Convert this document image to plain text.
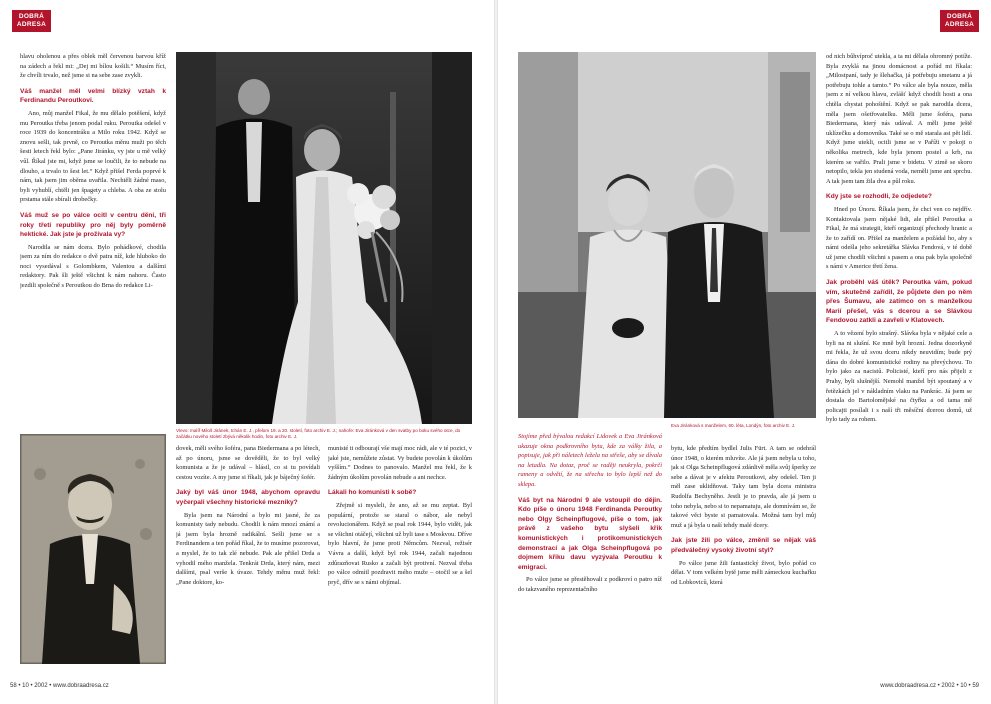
DOBRÁ
ADRESA
DOBRÁ
ADRESA

hlavu oholenou a přes oblek měl červenou barvou kříž na zádech a řekl mi: „Dej mi bílou košili.“ Musím říct, že chvíli trvalo, než jsme si na sebe zase zvykli.

Váš manžel měl velmi blízký vztah k Ferdinandu Peroutkovi.

Ano, můj manžel Fikal, že mu dělalo potěšení, když mu Peroutka třeba jenom podal ruku. Peroutka odešel v roce 1939 do koncentráku a Milo roku 1942. Když se znovu sešli, tak prvně, co Peroutka měnu muži po těch šesti letech řekl bylo: „Pane Jiránku, vy jste u mě velký vůl. Říkal jste mi, když jsme se loučili, že to nebude na dlouho, a trvalo to šest let.“ Když přišel Ferda poprvé k nám, tak jsem jim oběma uvařila. Nechtěli žádné maso, byli vyhublí, chtěli jen špagety a chleba. A oba ze stolu prstama stále sbírali drobečky.

Váš muž se po válce ocitl v centru dění, tři roky třetí republiky pro něj byly poměrně hektické. Jak jste je prožívala vy?

Narodila se nám dcera. Bylo pohádkové, chodila jsem za ním do redakce o dvě patra níž, kde hluboko do noci vysedával s Golombkem, Valentou a dalšími redaktory. Pak šli ještě všichni k nám nahoru. Často jezdili společně s Peroutkou do Brna do redakce Li-

Vlevo: malíř Miloš Jiránek, tchán E. J., přelom 19. a 20. století, foto archiv E. J.; nahoře: Eva Jiránková v den svatby po boku svého otce, do začátku nového století zbývá několik hodin, foto archiv E. J.

dovek, měli svého šoféra, pana Biedermana a po létech, až po únoru, jsme se dověděli, že to byl velký komunista a že je udával – hlásil, co si tu povídali cestou vozíte. A my jsme si říkali, jak je báječný šofér.

Jaký byl váš únor 1948, abychom opravdu vyčerpali všechny historické mezníky?

Byla jsem na Národní a bylo mi jasné, že za komunisty tady nebudu. Chodili k nám mnozí známí a já jsem byla hrozně radikální. Sešli jsme se s Ferdinandem a ten pořád říkal, že to musíme pozorovat, a myslel, že to tak zlé nebude. Pak ale přišel Drda a vyhodil mého manžela. Tenkrát Drda, který nám, mezi dalšími, psal verše k úvaze. Tehdy měnu muž řekl: „Pane doktore, ko-

munisté ti odbourají vše mají moc rádi, ale v té pozici, v jaké jste, nemůžete zůstat. Vy budete povolán k úkolům vyšším.“ Dodnes to panovalo. Manžel mu řekl, že k žádným úkolům povolán nebude a ani nechce.

Lákali ho komunisti k sobě?

Zřejmě si mysleli, že ano, až se mu zeptat. Byl populární, protože se staral o nábor, ale nebyl revolucionářem. Když se psal rok 1944, bylo vidět, jak se všichni otáčejí, všichni už byli tase s Moskvou. Dříve bylo hlavní, že jsme proti Němcům. Nezval, režisér Vávra a další, když byl rok 1944, začali najednou zdůrazňovat Rusko a začali být protivní. Nezval třeba po válce odmítl pozdravit mého muže – otočil se a šel pryč, dřív se s námi objímal.

58 • 10 • 2002 • www.dobraadresa.cz
Eva Jiránková s manželem, 60. léta, Londýn, foto archiv E. J.

Stojíme před bývalou redakcí Lidovek a Eva Jiránková ukazuje okna podkrovního bytu, kde za války žila, a popisuje, jak při náletech ležela na střeše, aby se dívala na letadla. Na dotaz, proč se raději neukryla, pokrčí rameny a odvětí, že na střechu to bylo lepší než do sklepa.

Váš byt na Národní 9 ale vstoupil do dějin. Kdo píše o únoru 1948 Ferdinanda Peroutky nebo Olgy Scheinpflugové, píše o tom, jak právě z vašeho bytu slyšeli křik komunistických i protikomunistických demonstrací a jak Olga Scheinpflugová po dojmem křiku davu vyzývala Peroutku k emigraci.

Po válce jsme se přestěhovali z podkroví o patro níž do takzvaného reprezentačního

bytu, kde předtím bydlel Julis Fürt. A tam se odehrál únor 1948, o kterém mluvíte. Ale já jsem nebyla u toho, jak si Olga Scheinpflugová zdánlivě měla svůj šperky ze sebe a dávat je v afektu Peroutkovi, aby odešel. Ten ji měl zase uklidňovat. Taky tam byla dcera ministra Rudolfa Bechyněho. Jestli je to pravda, ale já jsem u toho nebyla, nebo si to nepamatuju, ale domnívám se, že takové věci byste si pamatovala. Možná tam byl můj muž a já byla u naší tehdy malé dcery.

Jak jste žili po válce, změnil se nějak váš předválečný vysoký životní styl?

Po válce jsme žili fantastický život, bylo pořád co dělat. V tom velkém bytě jsme měli zámeckou kuchařku od Lobkoviců, která

od nich bůhvíproč utekla, a ta mi dělala ohromný potíže. Byla zvyklá na jinou domácnost a pořád mi říkala: „Milostpaní, tady je šlehačka, já potřebuju smetanu a já potřebuju tohle a tamto.“ Po válce ale byla nouze, měla jsem z ní velkou hlavu, zvlášť když chodili hosti a ona chtěla chystat pohoštění. Když se pak narodila dcera, měla jsem ošetřovatelku. Měli jsme šoféra, pana Biedermana, který nás udával. A měli jsme ještě uklízečku a domovníka. Také se o mě starala asi pět lidí. Když jsme utekli, ocitli jsme se v Paříži v pokoji o několika metrech, kde byla jenom postel a krb, na kterém se vařilo. Prali jsme v bidetu. V zimě se skoro netopilo, tekla jen studená voda, neměli jsme ani sprchu. A tak jsem tam žila dva a půl roku.

Kdy jste se rozhodli, že odjedete?

Hned po Únoru. Říkala jsem, že chci ven co nejdřív. Kontaktovala jsem nějaké lidi, ale přišel Peroutka a Fikal, že má strategii, kteří organizují přechody hranic a že to zařídí on. Přišel za manželem a požádal ho, aby s námi odešla jeho sekretářka Slávka Fendová, v té době už jsme chodili všichni s pasem a ona pak byla společně s námi v Americe třetí žena.

Jak proběhl váš útěk? Peroutka vám, pokud vím, skutečně zařídil, že půjdete den po něm přes Šumavu, ale zatímco on s manželkou Marií přešel, vás s dcerou a se Slávkou Fendovou zatkli a zavřeli v Klatovech.

A to vězení bylo strašný. Slávka byla v nějaké cele a byli na ni slušní. Ke mně byli hrozní. Jedna dozorkyně mi řekla, že už svou dceru nikdy neuvidím; bude prý dána do dobré komunistické rodiny na převýchovu. To bylo jako za nacistů. Policisté, kteří pro nás přijeli z Prahy, byli slušnější. Nemohl manžel být spoutaný a v řetězkách jel v nákladním vlaku na Pankrác. Já jsem se dostala do Bartolomějské na čtyřku a od tama mě policajti posílali i s naší tři měsíční dcerou domů, už bylo tady za rohem.

www.dobraadresa.cz • 2002 • 10 • 59
